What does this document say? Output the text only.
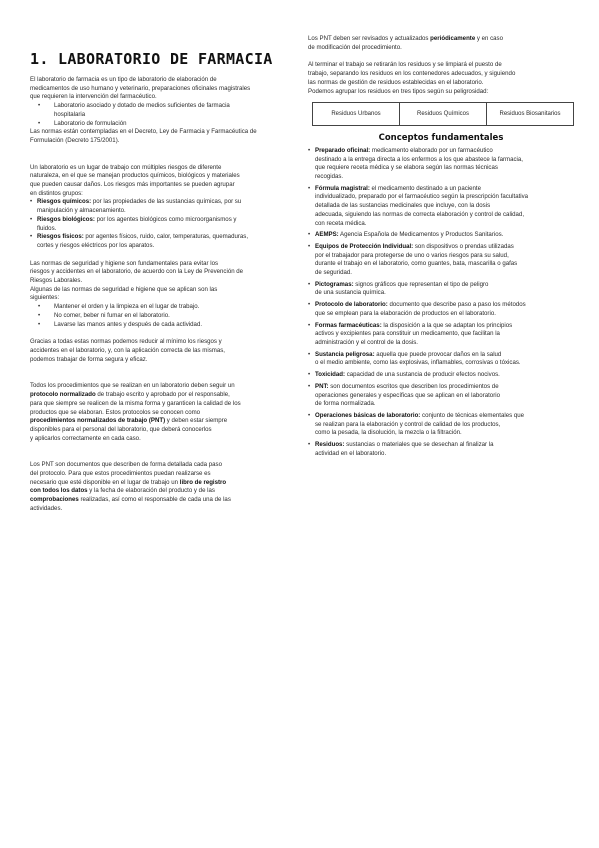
1. LABORATORIO DE FARMACIA

El laboratorio de farmacia es un tipo de laboratorio de elaboración de

medicamentos de uso humano y veterinario, preparaciones oficinales magistrales

que requieren la intervención del farmacéutico.

• Laboratorio asociado y dotado de medios suficientes de farmacia

hospitalaria

• Laboratorio de formulación

Las normas están contempladas en el Decreto, Ley de Farmacia y Farmacéutica de

Formulación (Decreto 175/2001).

Un laboratorio es un lugar de trabajo con múltiples riesgos de diferente

naturaleza, en el que se manejan productos químicos, biológicos y materiales

que pueden causar daños. Los riesgos más importantes se pueden agrupar

en distintos grupos:

• Riesgos químicos: por las propiedades de las sustancias químicas, por su

manipulación y almacenamiento.

• Riesgos biológicos: por los agentes biológicos como microorganismos y

fluidos.

• Riesgos físicos: por agentes físicos, ruido, calor, temperaturas, quemaduras,

cortes y riesgos eléctricos por los aparatos.

Las normas de seguridad y higiene son fundamentales para evitar los

riesgos y accidentes en el laboratorio, de acuerdo con la Ley de Prevención de

Riesgos Laborales.

Algunas de las normas de seguridad e higiene que se aplican son las

siguientes:

• Mantener el orden y la limpieza en el lugar de trabajo.

• No comer, beber ni fumar en el laboratorio.

• Lavarse las manos antes y después de cada actividad.

Gracias a todas estas normas podemos reducir al mínimo los riesgos y

accidentes en el laboratorio, y, con la aplicación correcta de las mismas,

podemos trabajar de forma segura y eficaz.

Todos los procedimientos que se realizan en un laboratorio deben seguir un

protocolo normalizado de trabajo escrito y aprobado por el responsable,

para que siempre se realicen de la misma forma y garanticen la calidad de los

productos que se elaboran. Estos protocolos se conocen como

procedimientos normalizados de trabajo (PNT) y deben estar siempre

disponibles para el personal del laboratorio, que deberá conocerlos

y aplicarlos correctamente en cada caso.

Los PNT son documentos que describen de forma detallada cada paso

del protocolo. Para que estos procedimientos puedan realizarse es

necesario que esté disponible en el lugar de trabajo un libro de registro

con todos los datos y la fecha de elaboración del producto y de las

comprobaciones realizadas, así como el responsable de cada una de las

actividades.

Los PNT deben ser revisados y actualizados periódicamente y en caso

de modificación del procedimiento.

Al terminar el trabajo se retirarán los residuos y se limpiará el puesto de

trabajo, separando los residuos en los contenedores adecuados, y siguiendo

las normas de gestión de residuos establecidas en el laboratorio.

Podemos agrupar los residuos en tres tipos según su peligrosidad:

Residuos Urbanos	Residuos Químicos	Residuos Biosanitarios
Conceptos fundamentales

• Preparado oficinal: medicamento elaborado por un farmacéutico

destinado a la entrega directa a los enfermos a los que abastece la farmacia,

que requiere receta médica y se elabora según las normas técnicas

recogidas.

• Fórmula magistral: el medicamento destinado a un paciente

individualizado, preparado por el farmacéutico según la prescripción facultativa

detallada de las sustancias medicinales que incluye, con la dosis

adecuada, siguiendo las normas de correcta elaboración y control de calidad,

con receta médica.

• AEMPS: Agencia Española de Medicamentos y Productos Sanitarios.

• Equipos de Protección Individual: son dispositivos o prendas utilizadas

por el trabajador para protegerse de uno o varios riesgos para su salud,

durante el trabajo en el laboratorio, como guantes, bata, mascarilla o gafas

de seguridad.

• Pictogramas: signos gráficos que representan el tipo de peligro

de una sustancia química.

• Protocolo de laboratorio: documento que describe paso a paso los métodos

que se emplean para la elaboración de productos en el laboratorio.

• Formas farmacéuticas: la disposición a la que se adaptan los principios

activos y excipientes para constituir un medicamento, que facilitan la

administración y el control de la dosis.

• Sustancia peligrosa: aquella que puede provocar daños en la salud

o el medio ambiente, como las explosivas, inflamables, corrosivas o tóxicas.

• Toxicidad: capacidad de una sustancia de producir efectos nocivos.

• PNT: son documentos escritos que describen los procedimientos de

operaciones generales y específicas que se aplican en el laboratorio

de forma normalizada.

• Operaciones básicas de laboratorio: conjunto de técnicas elementales que

se realizan para la elaboración y control de calidad de los productos,

como la pesada, la disolución, la mezcla o la filtración.

• Residuos: sustancias o materiales que se desechan al finalizar la

actividad en el laboratorio.
